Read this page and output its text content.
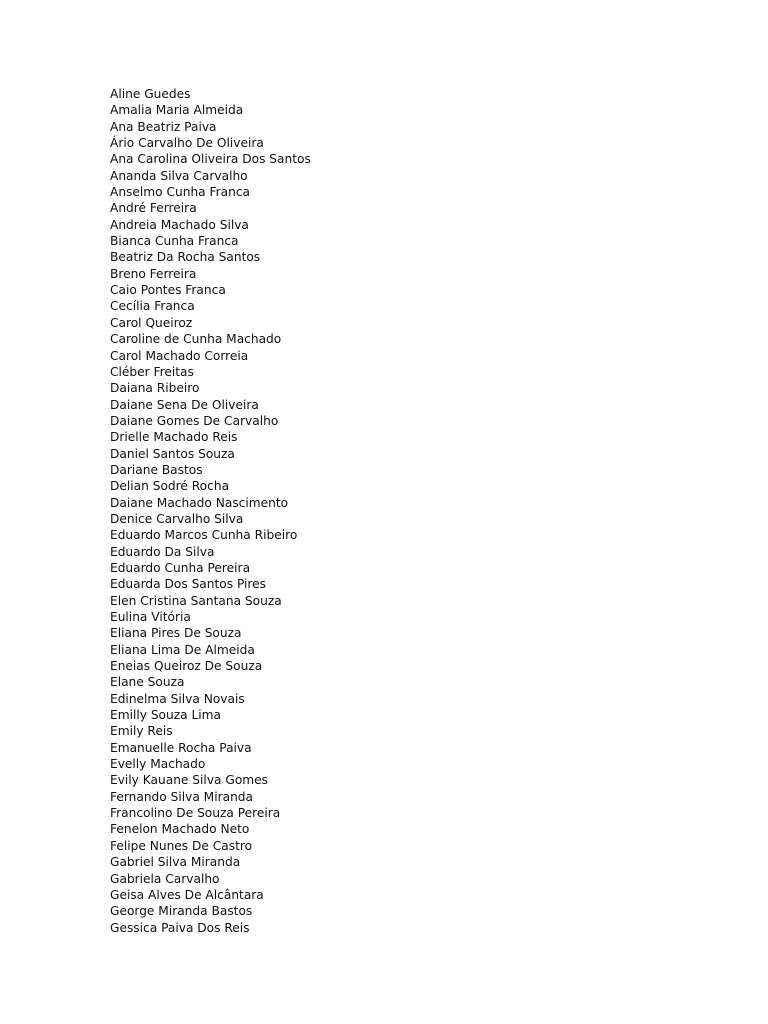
Aline Guedes
Amalia Maria Almeida
Ana Beatriz Paiva
Ário Carvalho De Oliveira
Ana Carolina Oliveira Dos Santos
Ananda Silva Carvalho
Anselmo Cunha Franca
André Ferreira
Andreia Machado Silva
Bianca Cunha Franca
Beatriz Da Rocha Santos
Breno Ferreira
Caio Pontes Franca
Cecília Franca
Carol Queiroz
Caroline de Cunha Machado
Carol Machado Correia
Cléber Freitas
Daiana Ribeiro
Daiane Sena De Oliveira
Daiane Gomes De Carvalho
Drielle Machado Reis
Daniel Santos Souza
Dariane Bastos
Delian Sodré Rocha
Daiane Machado Nascimento
Denice Carvalho Silva
Eduardo Marcos Cunha Ribeiro
Eduardo Da Silva
Eduardo Cunha Pereira
Eduarda Dos Santos Pires
Elen Cristina Santana Souza
Eulina Vitória
Eliana Pires De Souza
Eliana Lima De Almeida
Eneias Queiroz De Souza
Elane Souza
Edinelma Silva Novais
Emilly Souza Lima
Emily Reis
Emanuelle Rocha Paiva
Evelly Machado
Evily Kauane Silva Gomes
Fernando Silva Miranda
Francolino De Souza Pereira
Fenelon Machado Neto
Felipe Nunes De Castro
Gabriel Silva Miranda
Gabriela Carvalho
Geisa Alves De Alcântara
George Miranda Bastos
Gessica Paiva Dos Reis
